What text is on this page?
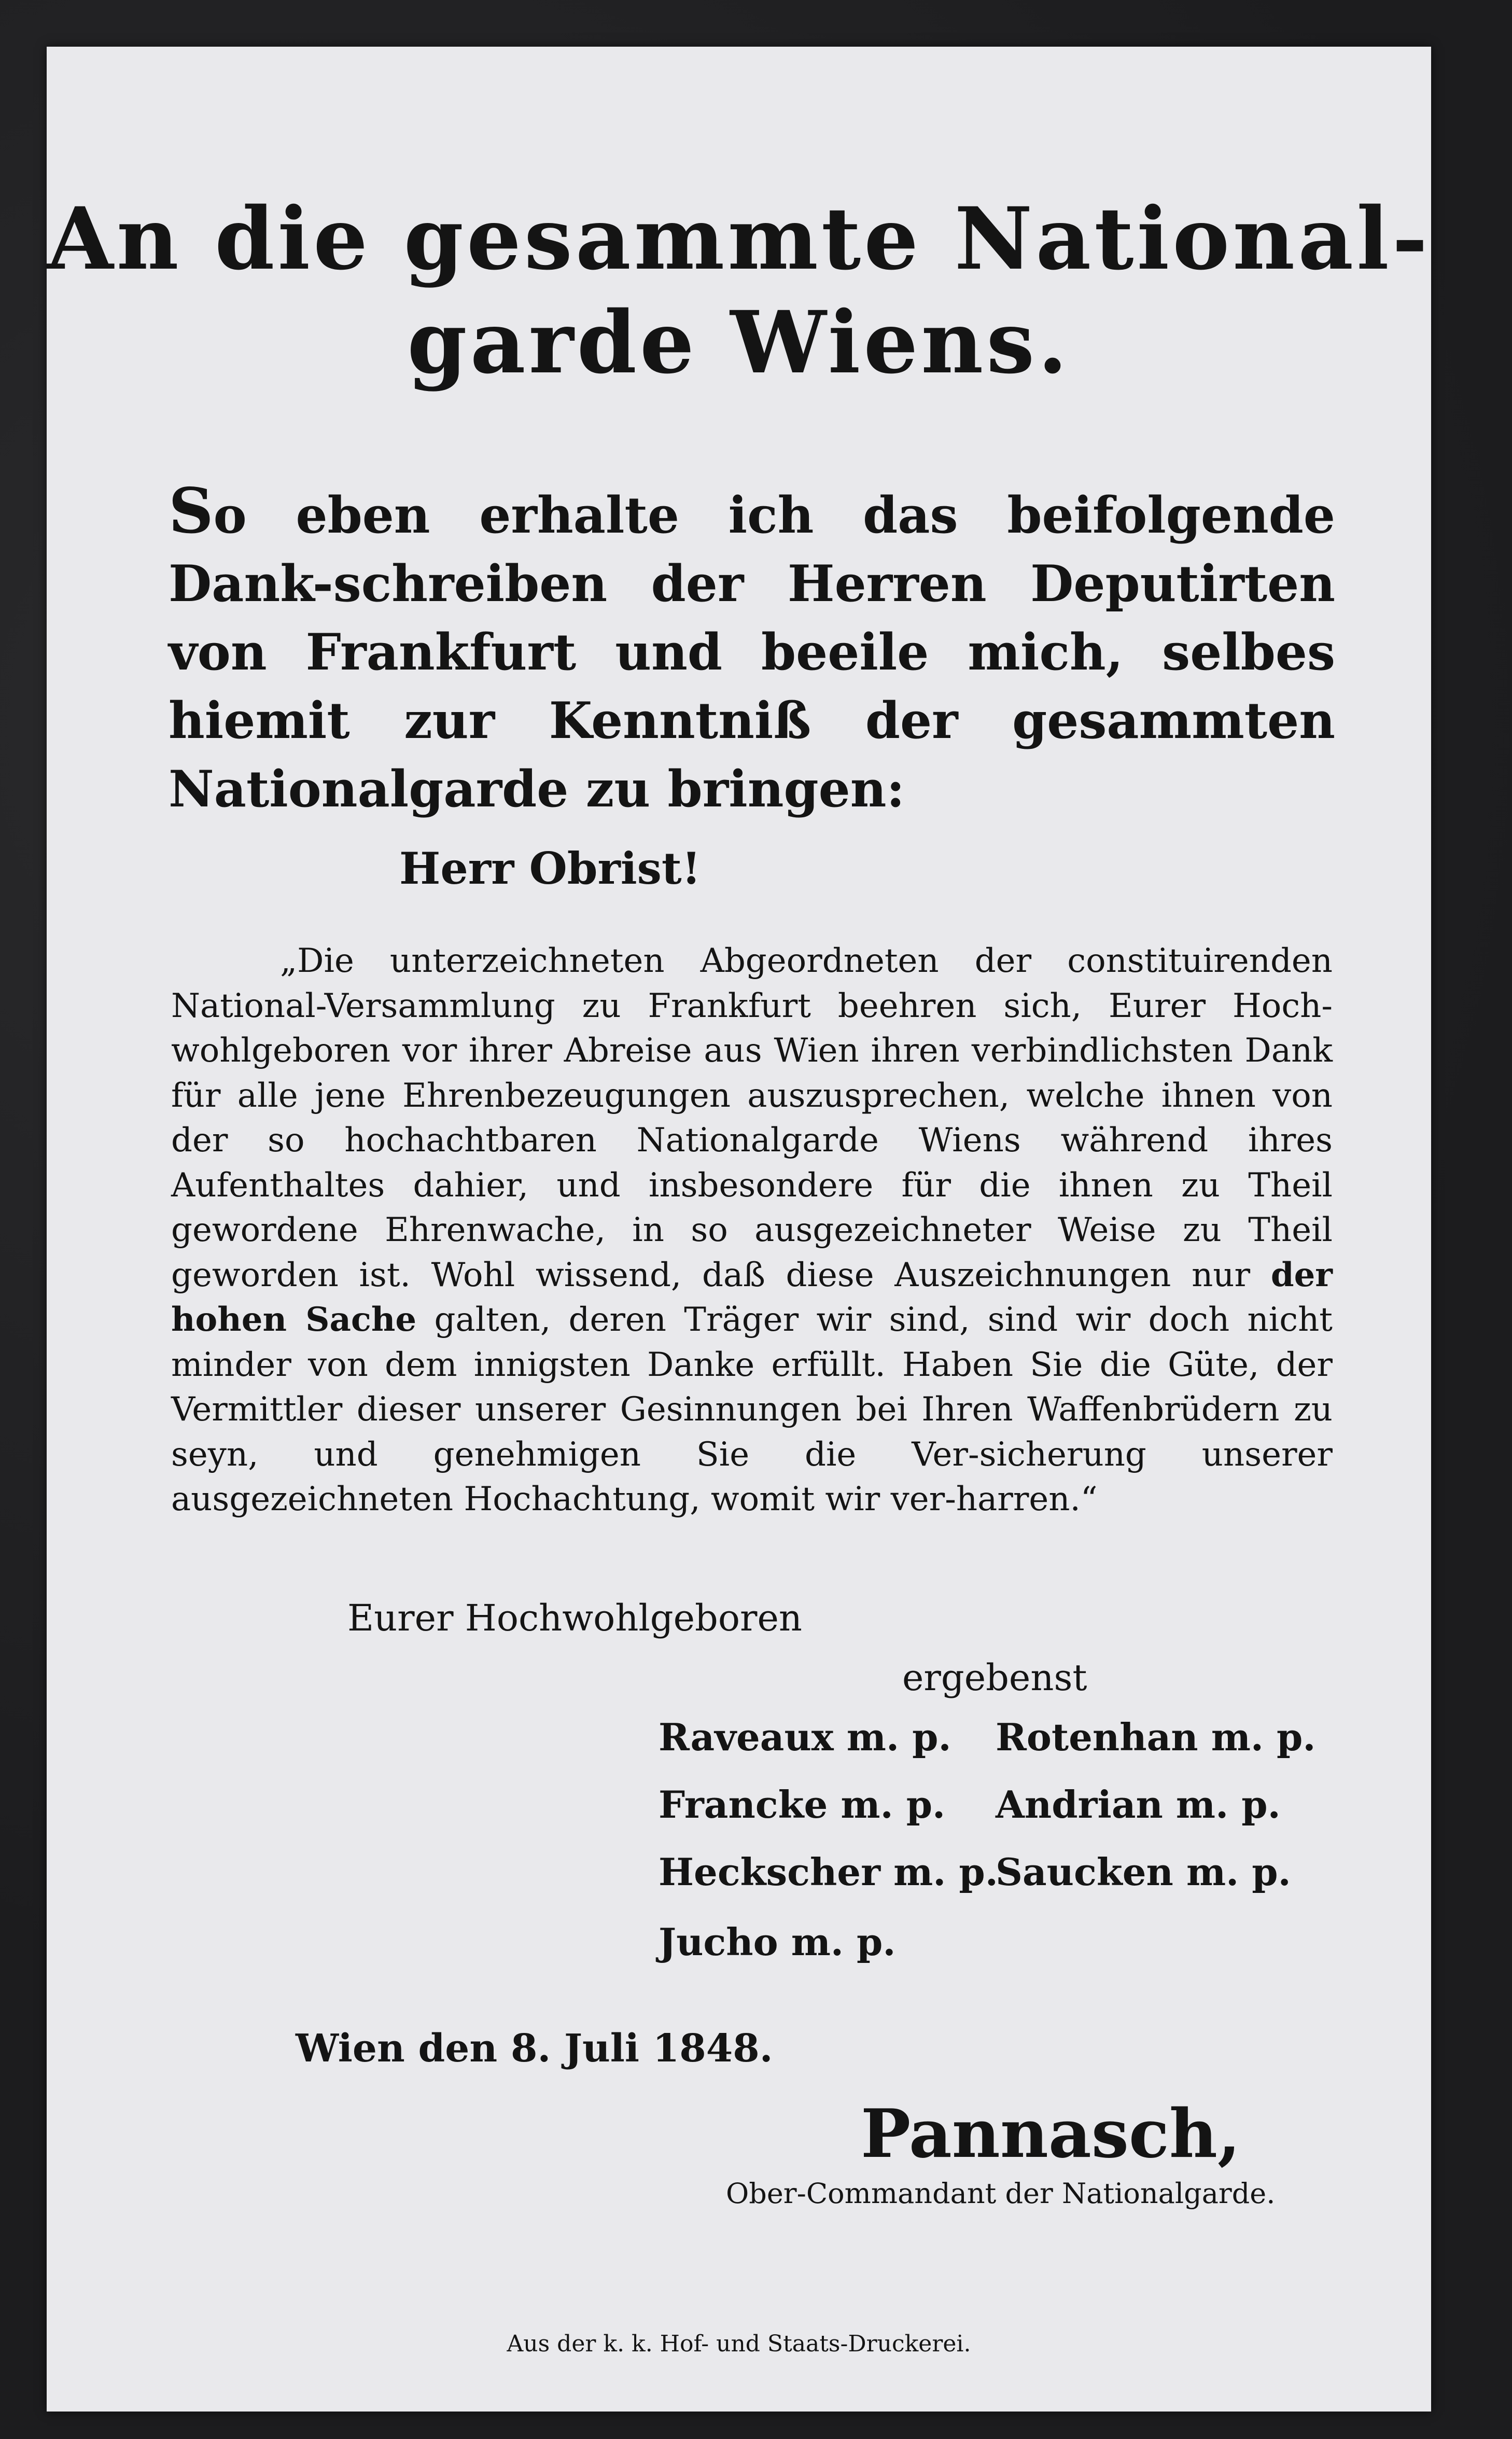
An die gesammte National-
garde Wiens.
So eben erhalte ich das beifolgende Dank-schreiben der Herren Deputirten von Frankfurt und beeile mich, selbes hiemit zur Kenntniß der gesammten Nationalgarde zu bringen:
Herr Obrist!
„Die unterzeichneten Abgeordneten der constituirenden National-Versammlung zu Frankfurt beehren sich, Eurer Hoch-wohlgeboren vor ihrer Abreise aus Wien ihren verbindlichsten Dank für alle jene Ehrenbezeugungen auszusprechen, welche ihnen von der so hochachtbaren Nationalgarde Wiens während ihres Aufenthaltes dahier, und insbesondere für die ihnen zu Theil gewordene Ehrenwache, in so ausgezeichneter Weise zu Theil geworden ist. Wohl wissend, daß diese Auszeichnungen nur der hohen Sache galten, deren Träger wir sind, sind wir doch nicht minder von dem innigsten Danke erfüllt. Haben Sie die Güte, der Vermittler dieser unserer Gesinnungen bei Ihren Waffenbrüdern zu seyn, und genehmigen Sie die Ver-sicherung unserer ausgezeichneten Hochachtung, womit wir ver-harren.“
Eurer Hochwohlgeboren
ergebenst
Raveaux m. p. Rotenhan m. p.
Francke m. p. Andrian m. p.
Heckscher m. p.
Saucken m. p.
Jucho m. p.
Wien den 8. Juli 1848.
Pannasch,
Ober-Commandant der Nationalgarde.
Aus der k. k. Hof- und Staats-Druckerei.
